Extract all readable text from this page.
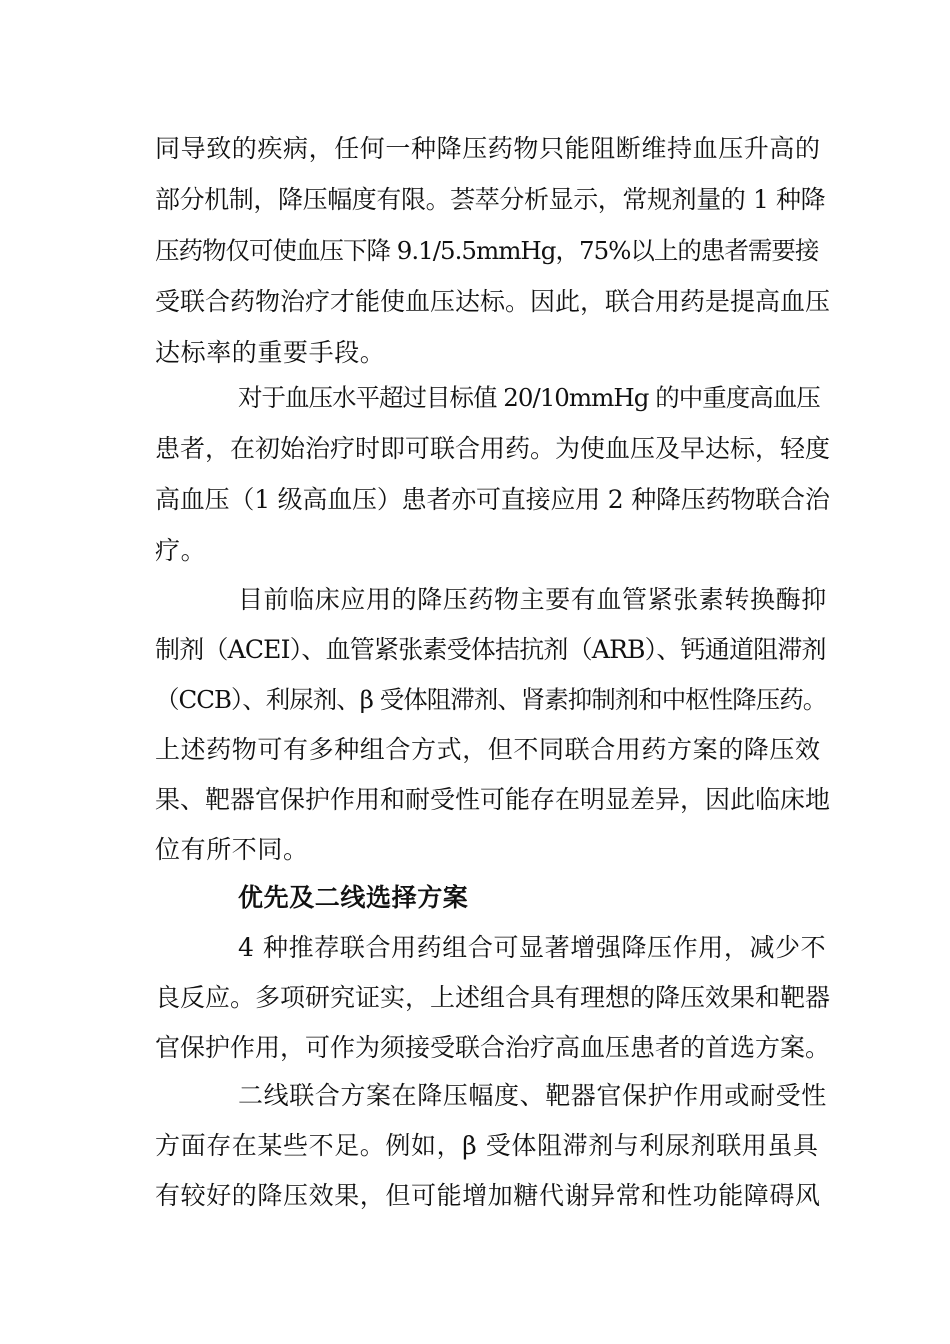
同导致的疾病，任何一种降压药物只能阻断维持血压升高的
部分机制，降压幅度有限。荟萃分析显示，常规剂量的 1 种降
压药物仅可使血压下降 9.1/5.5mmHg，75%以上的患者需要接
受联合药物治疗才能使血压达标。因此，联合用药是提高血压
达标率的重要手段。
对于血压水平超过目标值 20/10mmHg 的中重度高血压
患者，在初始治疗时即可联合用药。为使血压及早达标，轻度
高血压（1 级高血压）患者亦可直接应用 2 种降压药物联合治
疗。
目前临床应用的降压药物主要有血管紧张素转换酶抑
制剂（ACEI）、血管紧张素受体拮抗剂（ARB）、钙通道阻滞剂
（CCB）、利尿剂、β 受体阻滞剂、肾素抑制剂和中枢性降压药。
上述药物可有多种组合方式，但不同联合用药方案的降压效
果、靶器官保护作用和耐受性可能存在明显差异，因此临床地
位有所不同。
优先及二线选择方案
4 种推荐联合用药组合可显著增强降压作用，减少不
良反应。多项研究证实，上述组合具有理想的降压效果和靶器
官保护作用，可作为须接受联合治疗高血压患者的首选方案。
二线联合方案在降压幅度、靶器官保护作用或耐受性
方面存在某些不足。例如，β 受体阻滞剂与利尿剂联用虽具
有较好的降压效果，但可能增加糖代谢异常和性功能障碍风
